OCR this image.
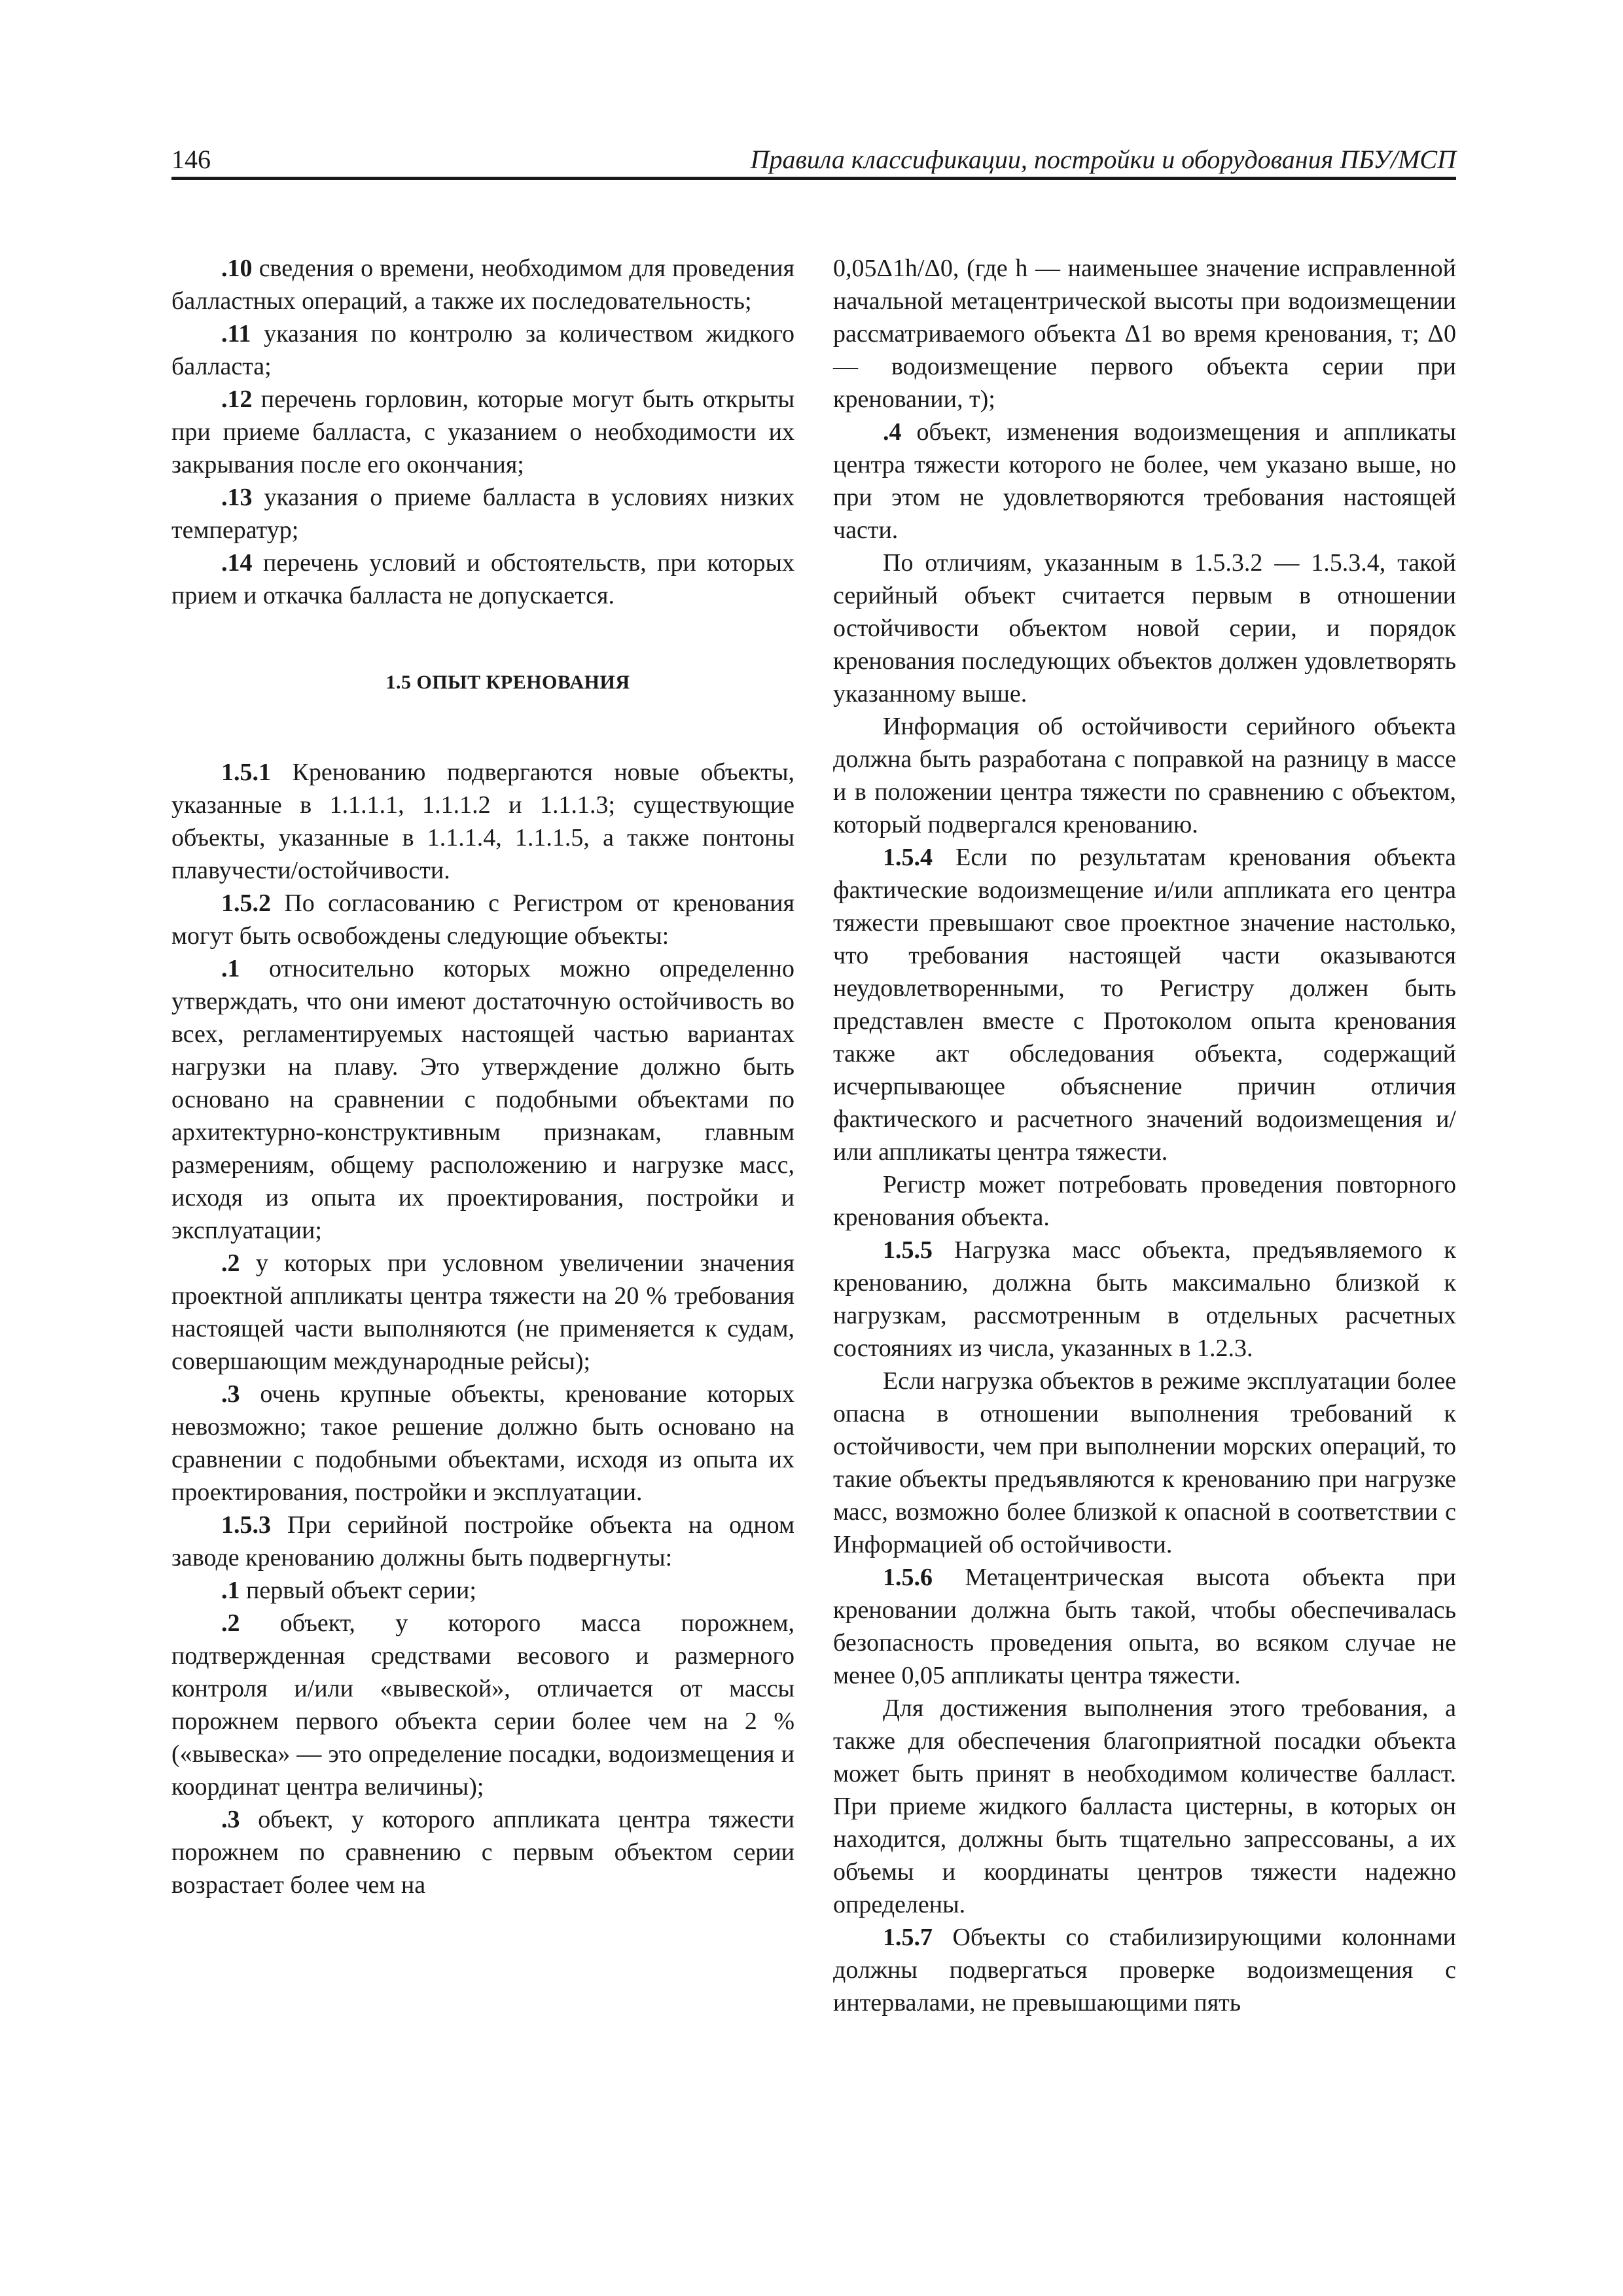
146	Правила классификации, постройки и оборудования ПБУ/МСП

.10 сведения о времени, необходимом для проведения балластных операций, а также их последовательность;

.11 указания по контролю за количеством жидкого балласта;

.12 перечень горловин, которые могут быть открыты при приеме балласта, с указанием о необходимости их закрывания после его окончания;

.13 указания о приеме балласта в условиях низких температур;

.14 перечень условий и обстоятельств, при которых прием и откачка балласта не допускается.

1.5 ОПЫТ КРЕНОВАНИЯ

1.5.1 Кренованию подвергаются новые объекты, указанные в 1.1.1.1, 1.1.1.2 и 1.1.1.3; существующие объекты, указанные в 1.1.1.4, 1.1.1.5, а также понтоны плавучести/остойчивости.

1.5.2 По согласованию с Регистром от кренования могут быть освобождены следующие объекты:

.1 относительно которых можно определенно утверждать, что они имеют достаточную остойчивость во всех, регламентируемых настоящей частью вариантах нагрузки на плаву. Это утверждение должно быть основано на сравнении с подобными объектами по архитектурно-конструктивным признакам, главным размерениям, общему расположению и нагрузке масс, исходя из опыта их проектирования, постройки и эксплуатации;

.2 у которых при условном увеличении значения проектной аппликаты центра тяжести на 20 % требования настоящей части выполняются (не применяется к судам, совершающим международные рейсы);

.3 очень крупные объекты, кренование которых невозможно; такое решение должно быть основано на сравнении с подобными объектами, исходя из опыта их проектирования, постройки и эксплуатации.

1.5.3 При серийной постройке объекта на одном заводе кренованию должны быть подвергнуты:

.1 первый объект серии;

.2 объект, у которого масса порожнем, подтвержденная средствами весового и размерного контроля и/или «вывеской», отличается от массы порожнем первого объекта серии более чем на 2 % («вывеска» — это определение посадки, водоизмещения и координат центра величины);

.3 объект, у которого аппликата центра тяжести порожнем по сравнению с первым объектом серии возрастает более чем на

0,05Δ1h/Δ0, (где h — наименьшее значение исправленной начальной метацентрической высоты при водоизмещении рассматриваемого объекта Δ1 во время кренования, т; Δ0 — водоизмещение первого объекта серии при креновании, т);

.4 объект, изменения водоизмещения и аппликаты центра тяжести которого не более, чем указано выше, но при этом не удовлетворяются требования настоящей части.

По отличиям, указанным в 1.5.3.2 — 1.5.3.4, такой серийный объект считается первым в отношении остойчивости объектом новой серии, и порядок кренования последующих объектов должен удовлетворять указанному выше.

Информация об остойчивости серийного объекта должна быть разработана с поправкой на разницу в массе и в положении центра тяжести по сравнению с объектом, который подвергался кренованию.

1.5.4 Если по результатам кренования объекта фактические водоизмещение и/или аппликата его центра тяжести превышают свое проектное значение настолько, что требования настоящей части оказываются неудовлетворенными, то Регистру должен быть представлен вместе с Протоколом опыта кренования также акт обследования объекта, содержащий исчерпывающее объяснение причин отличия фактического и расчетного значений водоизмещения и/или аппликаты центра тяжести.

Регистр может потребовать проведения повторного кренования объекта.

1.5.5 Нагрузка масс объекта, предъявляемого к кренованию, должна быть максимально близкой к нагрузкам, рассмотренным в отдельных расчетных состояниях из числа, указанных в 1.2.3.

Если нагрузка объектов в режиме эксплуатации более опасна в отношении выполнения требований к остойчивости, чем при выполнении морских операций, то такие объекты предъявляются к кренованию при нагрузке масс, возможно более близкой к опасной в соответствии с Информацией об остойчивости.

1.5.6 Метацентрическая высота объекта при креновании должна быть такой, чтобы обеспечивалась безопасность проведения опыта, во всяком случае не менее 0,05 аппликаты центра тяжести.

Для достижения выполнения этого требования, а также для обеспечения благоприятной посадки объекта может быть принят в необходимом количестве балласт. При приеме жидкого балласта цистерны, в которых он находится, должны быть тщательно запрессованы, а их объемы и координаты центров тяжести надежно определены.

1.5.7 Объекты со стабилизирующими колоннами должны подвергаться проверке водоизмещения с интервалами, не превышающими пять
